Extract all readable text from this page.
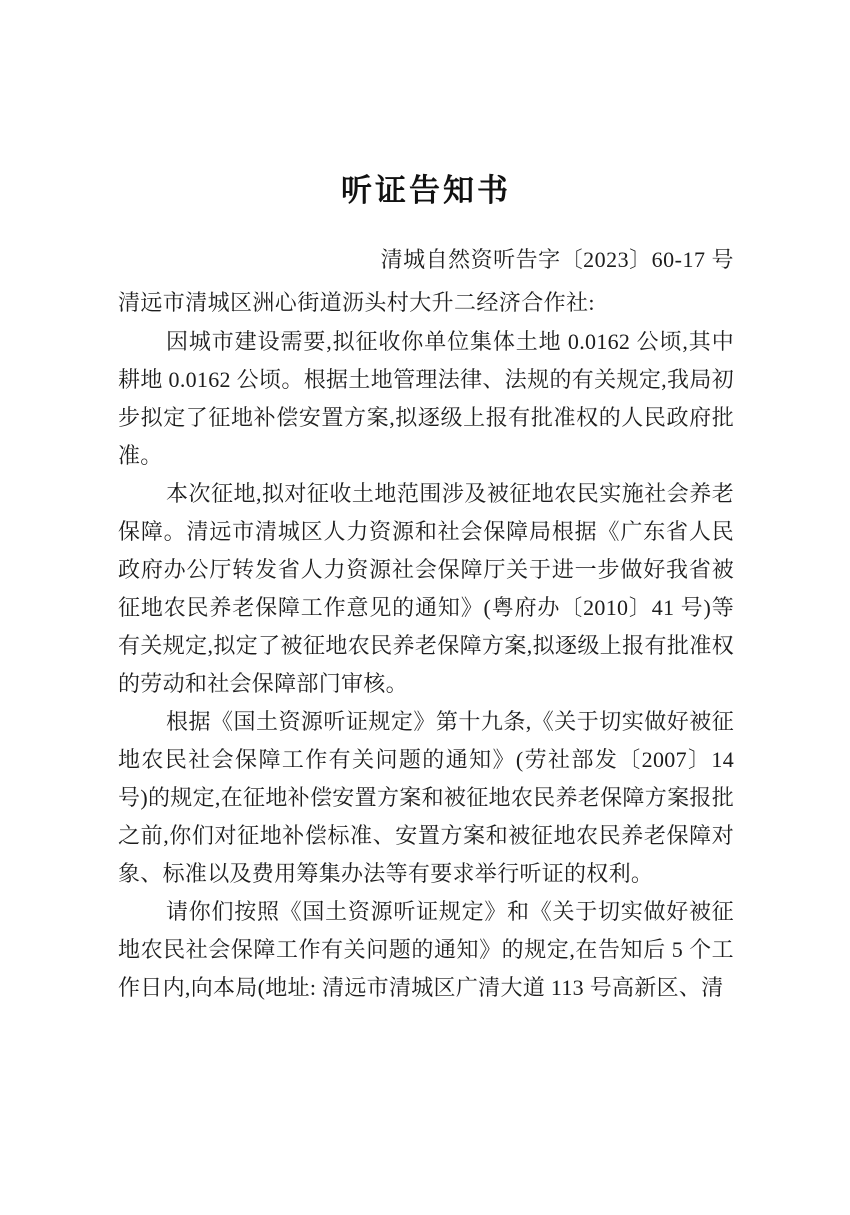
听证告知书
清城自然资听告字〔2023〕60-17 号
清远市清城区洲心街道沥头村大升二经济合作社:
因城市建设需要,拟征收你单位集体土地 0.0162 公顷,其中耕地 0.0162 公顷。根据土地管理法律、法规的有关规定,我局初步拟定了征地补偿安置方案,拟逐级上报有批准权的人民政府批准。
本次征地,拟对征收土地范围涉及被征地农民实施社会养老保障。清远市清城区人力资源和社会保障局根据《广东省人民政府办公厅转发省人力资源社会保障厅关于进一步做好我省被征地农民养老保障工作意见的通知》(粤府办〔2010〕41 号)等有关规定,拟定了被征地农民养老保障方案,拟逐级上报有批准权的劳动和社会保障部门审核。
根据《国土资源听证规定》第十九条,《关于切实做好被征地农民社会保障工作有关问题的通知》(劳社部发〔2007〕14 号)的规定,在征地补偿安置方案和被征地农民养老保障方案报批之前,你们对征地补偿标准、安置方案和被征地农民养老保障对象、标准以及费用筹集办法等有要求举行听证的权利。
请你们按照《国土资源听证规定》和《关于切实做好被征地农民社会保障工作有关问题的通知》的规定,在告知后 5 个工作日内,向本局(地址: 清远市清城区广清大道 113 号高新区、清
